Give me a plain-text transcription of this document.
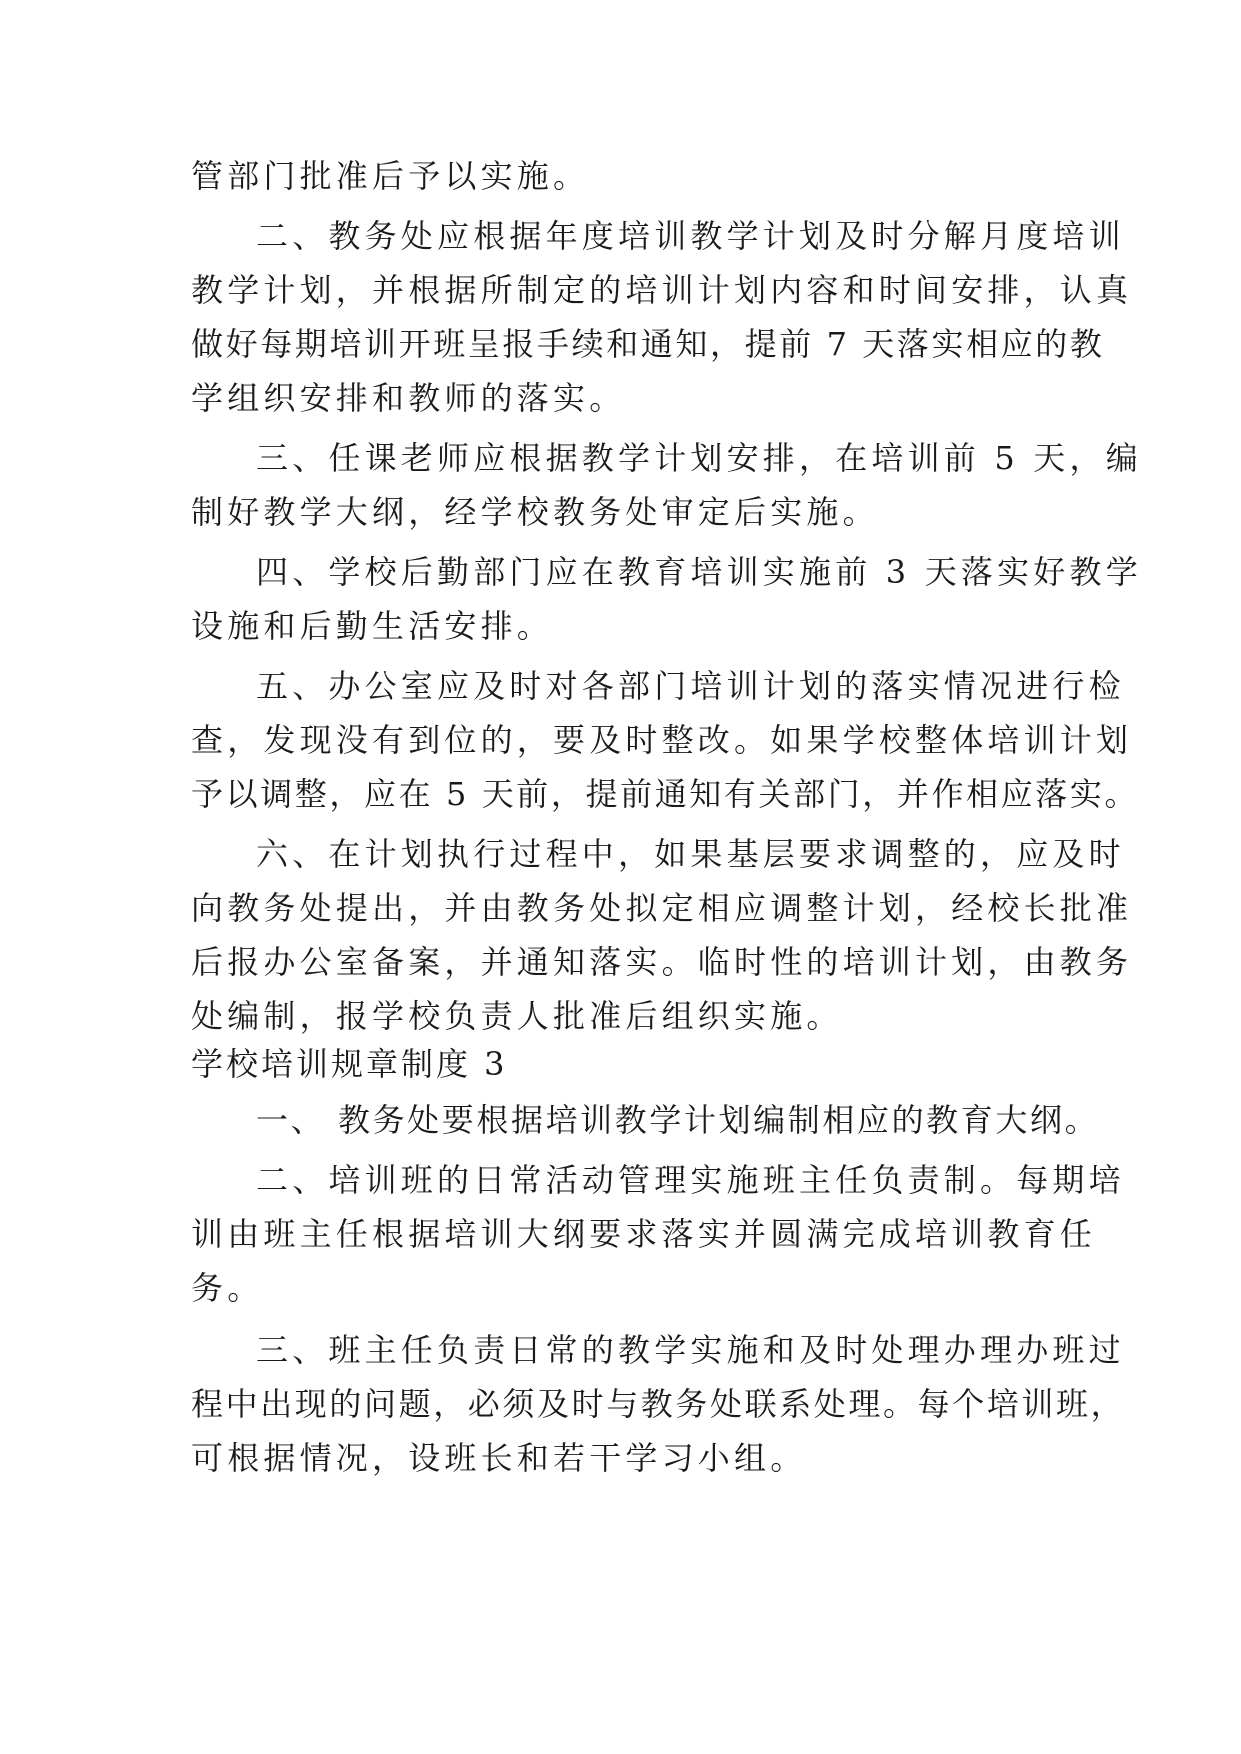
管部门批准后予以实施。
二、教务处应根据年度培训教学计划及时分解月度培训
教学计划，并根据所制定的培训计划内容和时间安排，认真
做好每期培训开班呈报手续和通知，提前 7 天落实相应的教
学组织安排和教师的落实。
三、任课老师应根据教学计划安排，在培训前 5 天，编
制好教学大纲，经学校教务处审定后实施。
四、学校后勤部门应在教育培训实施前 3 天落实好教学
设施和后勤生活安排。
五、办公室应及时对各部门培训计划的落实情况进行检
查，发现没有到位的，要及时整改。如果学校整体培训计划
予以调整，应在 5 天前，提前通知有关部门，并作相应落实。
六、在计划执行过程中，如果基层要求调整的，应及时
向教务处提出，并由教务处拟定相应调整计划，经校长批准
后报办公室备案，并通知落实。临时性的培训计划，由教务
处编制，报学校负责人批准后组织实施。
学校培训规章制度 3
一、 教务处要根据培训教学计划编制相应的教育大纲。
二、培训班的日常活动管理实施班主任负责制。每期培
训由班主任根据培训大纲要求落实并圆满完成培训教育任
务。
三、班主任负责日常的教学实施和及时处理办理办班过
程中出现的问题，必须及时与教务处联系处理。每个培训班，
可根据情况，设班长和若干学习小组。
